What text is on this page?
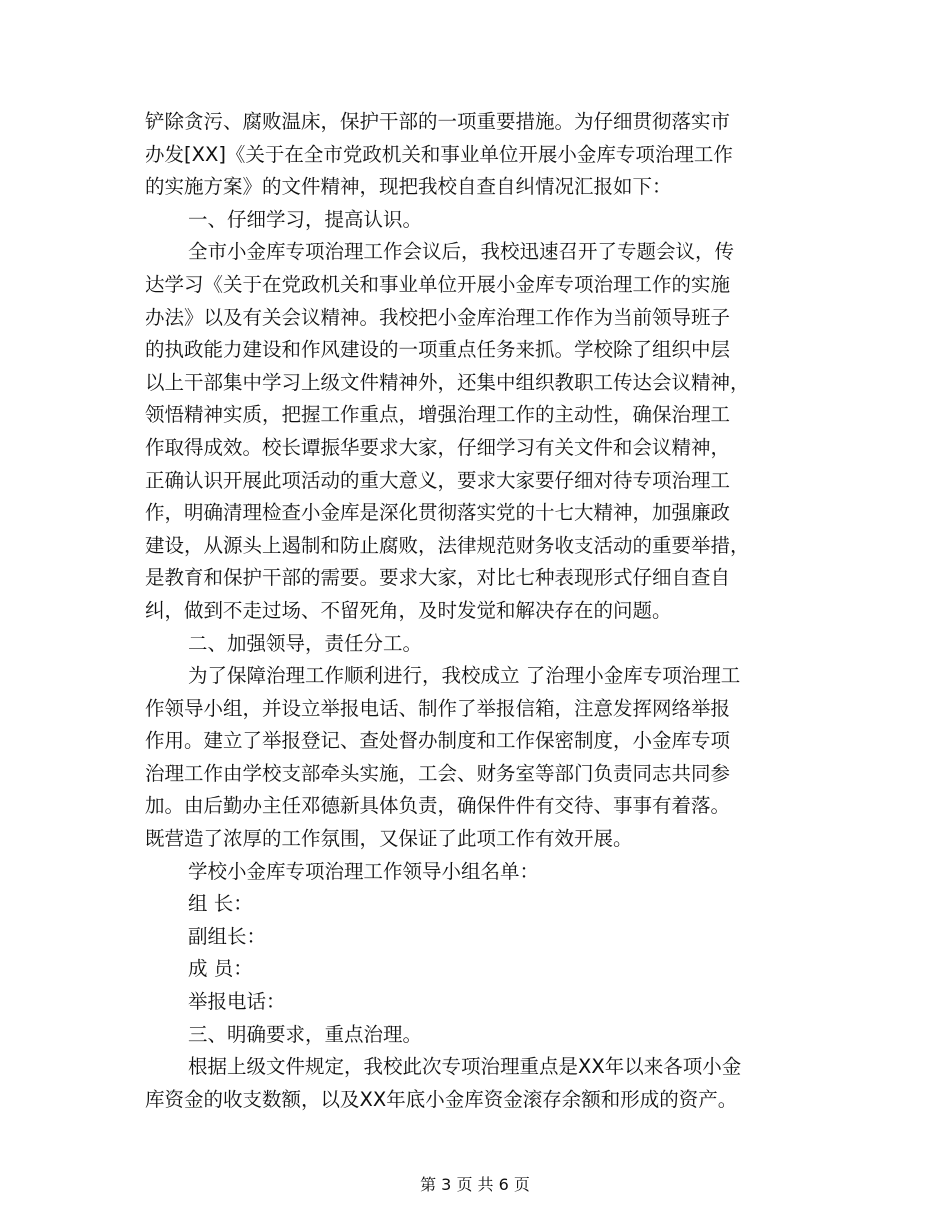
铲除贪污、腐败温床，保护干部的一项重要措施。为仔细贯彻落实市
办发[XX]《关于在全市党政机关和事业单位开展小金库专项治理工作
的实施方案》的文件精神，现把我校自查自纠情况汇报如下：
一、仔细学习，提高认识。
全市小金库专项治理工作会议后，我校迅速召开了专题会议，传
达学习《关于在党政机关和事业单位开展小金库专项治理工作的实施
办法》以及有关会议精神。我校把小金库治理工作作为当前领导班子
的执政能力建设和作风建设的一项重点任务来抓。学校除了组织中层
以上干部集中学习上级文件精神外，还集中组织教职工传达会议精神，
领悟精神实质，把握工作重点，增强治理工作的主动性，确保治理工
作取得成效。校长谭振华要求大家，仔细学习有关文件和会议精神，
正确认识开展此项活动的重大意义，要求大家要仔细对待专项治理工
作，明确清理检查小金库是深化贯彻落实党的十七大精神，加强廉政
建设，从源头上遏制和防止腐败，法律规范财务收支活动的重要举措，
是教育和保护干部的需要。要求大家，对比七种表现形式仔细自查自
纠，做到不走过场、不留死角，及时发觉和解决存在的问题。
二、加强领导，责任分工。
为了保障治理工作顺利进行，我校成立 了治理小金库专项治理工
作领导小组，并设立举报电话、制作了举报信箱，注意发挥网络举报
作用。建立了举报登记、查处督办制度和工作保密制度，小金库专项
治理工作由学校支部牵头实施，工会、财务室等部门负责同志共同参
加。由后勤办主任邓德新具体负责，确保件件有交待、事事有着落。
既营造了浓厚的工作氛围，又保证了此项工作有效开展。
学校小金库专项治理工作领导小组名单：
组 长：
副组长：
成 员：
举报电话：
三、明确要求，重点治理。
根据上级文件规定，我校此次专项治理重点是XX年以来各项小金
库资金的收支数额，以及XX年底小金库资金滚存余额和形成的资产。
第 3 页 共 6 页
